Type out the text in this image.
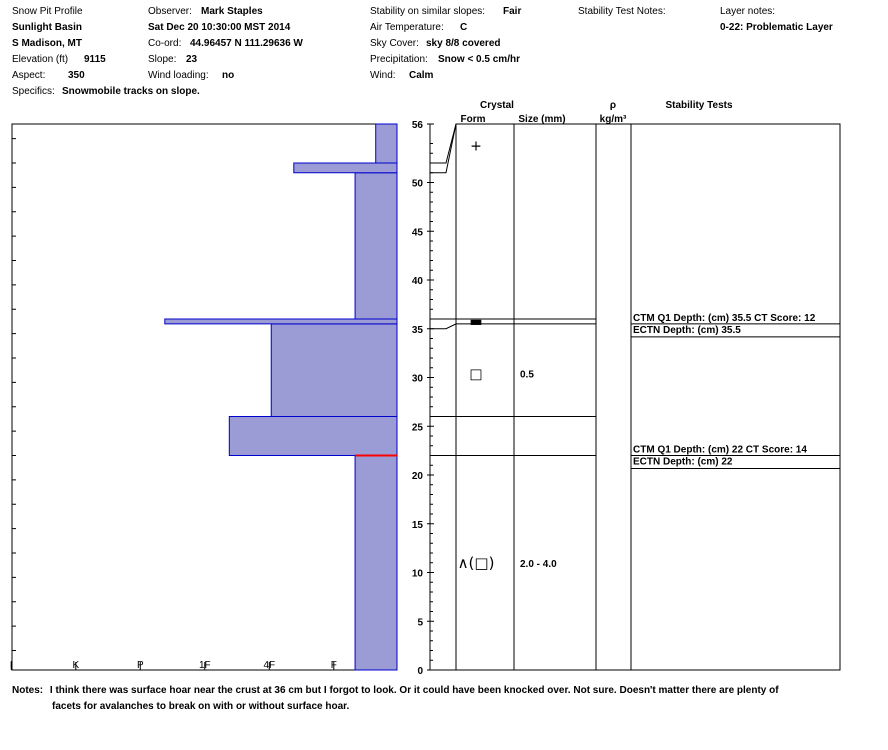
Snow Pit Profile
Sunlight Basin
S Madison, MT
Elevation (ft) 9115
Aspect: 350
Specifics: Snowmobile tracks on slope.
Observer: Mark Staples
Sat Dec 20 10:30:00 MST 2014
Co-ord: 44.96457 N 111.29636 W
Slope: 23
Wind loading: no
Stability on similar slopes: Fair
Air Temperature: C
Sky Cover: sky 8/8 covered
Precipitation: Snow < 0.5 cm/hr
Wind: Calm
Stability Test Notes:	Layer notes:
0-22: Problematic Layer
I	K	P	1F	4F	F
0
5
10
15
20
25
30
35
40
45
50
56
Crystal
Form	Size (mm)
ρ
kg/m³
Stability Tests
+
▬
□	0.5
∧(□)	2.0 - 4.0
CTM Q1 Depth: (cm) 35.5 CT Score: 12
ECTN Depth: (cm) 35.5
CTM Q1 Depth: (cm) 22 CT Score: 14
ECTN Depth: (cm) 22
Notes: I think there was surface hoar near the crust at 36 cm but I forgot to look. Or it could have been knocked over. Not sure. Doesn't matter there are plenty of
facets for avalanches to break on with or without surface hoar.
